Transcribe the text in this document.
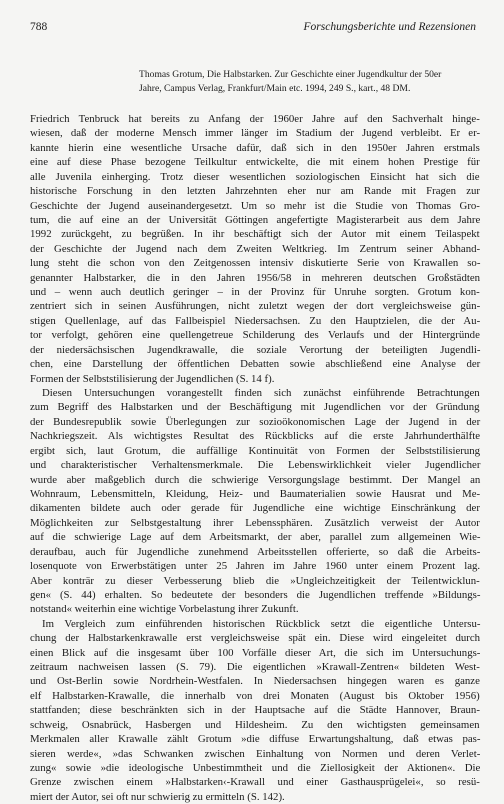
788	Forschungsberichte und Rezensionen
Thomas Grotum, Die Halbstarken. Zur Geschichte einer Jugendkultur der 50er
Jahre, Campus Verlag, Frankfurt/Main etc. 1994, 249 S., kart., 48 DM.
Friedrich Tenbruck hat bereits zu Anfang der 1960er Jahre auf den Sachverhalt hinge-
wiesen, daß der moderne Mensch immer länger im Stadium der Jugend verbleibt. Er er-
kannte hierin eine wesentliche Ursache dafür, daß sich in den 1950er Jahren erstmals
eine auf diese Phase bezogene Teilkultur entwickelte, die mit einem hohen Prestige für
alle Juvenila einherging. Trotz dieser wesentlichen soziologischen Einsicht hat sich die
historische Forschung in den letzten Jahrzehnten eher nur am Rande mit Fragen zur
Geschichte der Jugend auseinandergesetzt. Um so mehr ist die Studie von Thomas Gro-
tum, die auf eine an der Universität Göttingen angefertigte Magisterarbeit aus dem Jahre
1992 zurückgeht, zu begrüßen. In ihr beschäftigt sich der Autor mit einem Teilaspekt
der Geschichte der Jugend nach dem Zweiten Weltkrieg. Im Zentrum seiner Abhand-
lung steht die schon von den Zeitgenossen intensiv diskutierte Serie von Krawallen so-
genannter Halbstarker, die in den Jahren 1956/58 in mehreren deutschen Großstädten
und – wenn auch deutlich geringer – in der Provinz für Unruhe sorgten. Grotum kon-
zentriert sich in seinen Ausführungen, nicht zuletzt wegen der dort vergleichsweise gün-
stigen Quellenlage, auf das Fallbeispiel Niedersachsen. Zu den Hauptzielen, die der Au-
tor verfolgt, gehören eine quellengetreue Schilderung des Verlaufs und der Hintergründe
der niedersächsischen Jugendkrawalle, die soziale Verortung der beteiligten Jugendli-
chen, eine Darstellung der öffentlichen Debatten sowie abschließend eine Analyse der
Formen der Selbststilisierung der Jugendlichen (S. 14 f).
Diesen Untersuchungen vorangestellt finden sich zunächst einführende Betrachtungen
zum Begriff des Halbstarken und der Beschäftigung mit Jugendlichen vor der Gründung
der Bundesrepublik sowie Überlegungen zur sozioökonomischen Lage der Jugend in der
Nachkriegszeit. Als wichtigstes Resultat des Rückblicks auf die erste Jahrhunderthälfte
ergibt sich, laut Grotum, die auffällige Kontinuität von Formen der Selbststilisierung
und charakteristischer Verhaltensmerkmale. Die Lebenswirklichkeit vieler Jugendlicher
wurde aber maßgeblich durch die schwierige Versorgungslage bestimmt. Der Mangel an
Wohnraum, Lebensmitteln, Kleidung, Heiz- und Baumaterialien sowie Hausrat und Me-
dikamenten bildete auch oder gerade für Jugendliche eine wichtige Einschränkung der
Möglichkeiten zur Selbstgestaltung ihrer Lebenssphären. Zusätzlich verweist der Autor
auf die schwierige Lage auf dem Arbeitsmarkt, der aber, parallel zum allgemeinen Wie-
deraufbau, auch für Jugendliche zunehmend Arbeitsstellen offerierte, so daß die Arbeits-
losenquote von Erwerbstätigen unter 25 Jahren im Jahre 1960 unter einem Prozent lag.
Aber konträr zu dieser Verbesserung blieb die »Ungleichzeitigkeit der Teilentwicklun-
gen« (S. 44) erhalten. So bedeutete der besonders die Jugendlichen treffende »Bildungs-
notstand« weiterhin eine wichtige Vorbelastung ihrer Zukunft.
Im Vergleich zum einführenden historischen Rückblick setzt die eigentliche Untersu-
chung der Halbstarkenkrawalle erst vergleichsweise spät ein. Diese wird eingeleitet durch
einen Blick auf die insgesamt über 100 Vorfälle dieser Art, die sich im Untersuchungs-
zeitraum nachweisen lassen (S. 79). Die eigentlichen »Krawall-Zentren« bildeten West-
und Ost-Berlin sowie Nordrhein-Westfalen. In Niedersachsen hingegen waren es ganze
elf Halbstarken-Krawalle, die innerhalb von drei Monaten (August bis Oktober 1956)
stattfanden; diese beschränkten sich in der Hauptsache auf die Städte Hannover, Braun-
schweig, Osnabrück, Hasbergen und Hildesheim. Zu den wichtigsten gemeinsamen
Merkmalen aller Krawalle zählt Grotum »die diffuse Erwartungshaltung, daß etwas pas-
sieren werde«, »das Schwanken zwischen Einhaltung von Normen und deren Verlet-
zung« sowie »die ideologische Unbestimmtheit und die Ziellosigkeit der Aktionen«. Die
Grenze zwischen einem »Halbstarken‹-Krawall und einer Gasthausprügelei«, so resü-
miert der Autor, sei oft nur schwierig zu ermitteln (S. 142).
